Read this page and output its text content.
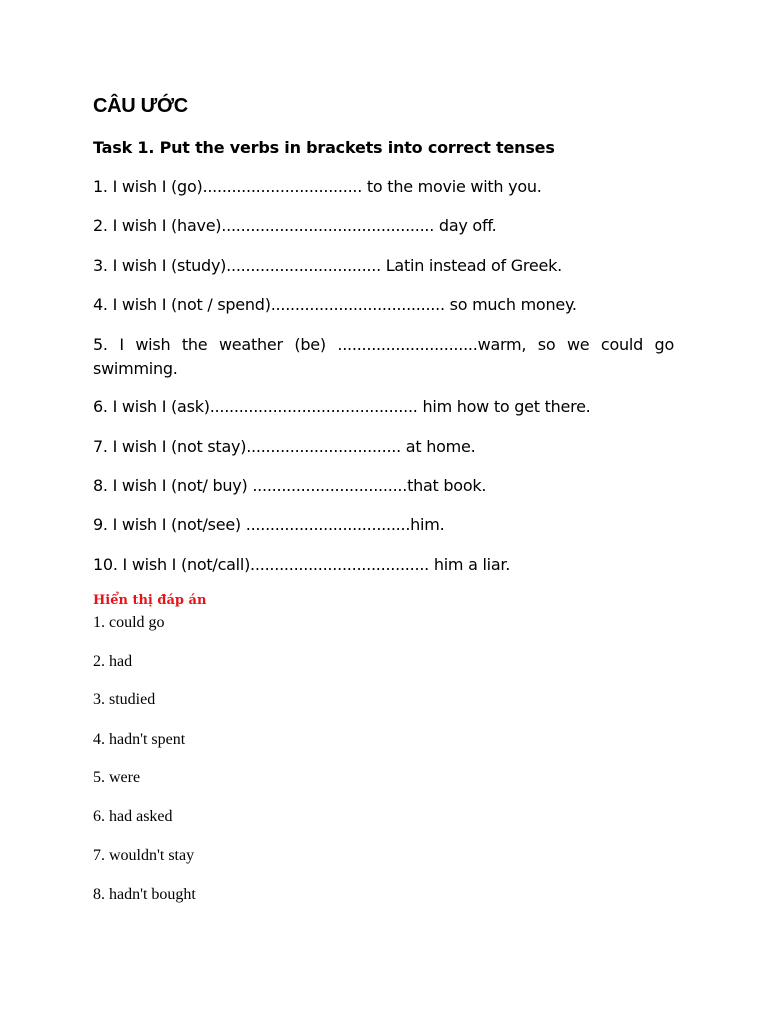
CÂU ƯỚC
Task 1. Put the verbs in brackets into correct tenses
1. I wish I (go)................................. to the movie with you.
2. I wish I (have)............................................ day off.
3. I wish I (study)................................ Latin instead of Greek.
4. I wish I (not / spend).................................... so much money.
5. I wish the weather (be) .............................warm, so we could go swimming.
6. I wish I (ask)........................................... him how to get there.
7. I wish I (not stay)................................ at home.
8. I wish I (not/ buy) ................................that book.
9. I wish I (not/see) ..................................him.
10. I wish I (not/call)..................................... him a liar.
Hiển thị đáp án
1. could go
2. had
3. studied
4. hadn't spent
5. were
6. had asked
7. wouldn't stay
8. hadn't bought
